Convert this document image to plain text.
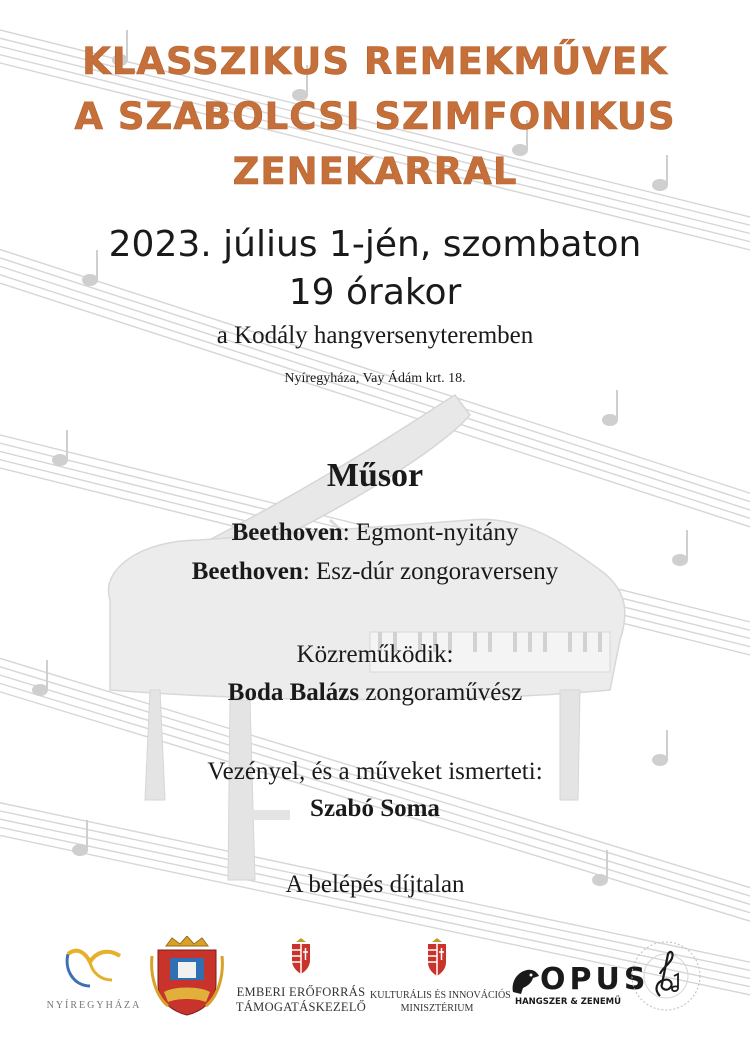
KLASSZIKUS REMEKMŰVEK
A SZABOLCSI SZIMFONIKUS
ZENEKARRAL
2023. július 1-jén, szombaton
19 órakor
a Kodály hangversenyteremben
Nyíregyháza, Vay Ádám krt. 18.
Műsor
Beethoven: Egmont-nyitány
Beethoven: Esz-dúr zongoraverseny
Közreműködik:
Boda Balázs zongoraművész
Vezényel, és a műveket ismerteti:
Szabó Soma
A belépés díjtalan
NYÍREGYHÁZA
EMBERI ERŐFORRÁS
TÁMOGATÁSKEZELŐ
KULTURÁLIS ÉS INNOVÁCIÓS
MINISZTÉRIUM
OPUS
HANGSZER & ZENEMŰ
